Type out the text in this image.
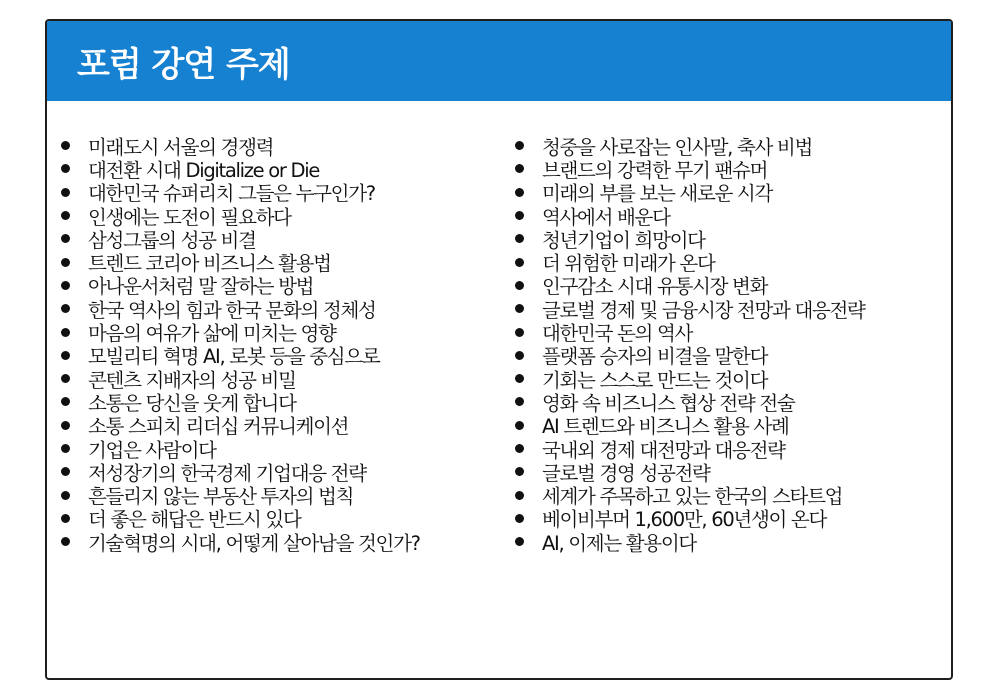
포럼 강연 주제
미래도시 서울의 경쟁력
대전환 시대 Digitalize or Die
대한민국 슈퍼리치 그들은 누구인가?
인생에는 도전이 필요하다
삼성그룹의 성공 비결
트렌드 코리아 비즈니스 활용법
아나운서처럼 말 잘하는 방법
한국 역사의 힘과 한국 문화의 정체성
마음의 여유가 삶에 미치는 영향
모빌리티 혁명 AI, 로봇 등을 중심으로
콘텐츠 지배자의 성공 비밀
소통은 당신을 웃게 합니다
소통 스피치 리더십 커뮤니케이션
기업은 사람이다
저성장기의 한국경제 기업대응 전략
흔들리지 않는 부동산 투자의 법칙
더 좋은 해답은 반드시 있다
기술혁명의 시대, 어떻게 살아남을 것인가?
청중을 사로잡는 인사말, 축사 비법
브랜드의 강력한 무기 팬슈머
미래의 부를 보는 새로운 시각
역사에서 배운다
청년기업이 희망이다
더 위험한 미래가 온다
인구감소 시대 유통시장 변화
글로벌 경제 및 금융시장 전망과 대응전략
대한민국 돈의 역사
플랫폼 승자의 비결을 말한다
기회는 스스로 만드는 것이다
영화 속 비즈니스 협상 전략 전술
AI 트렌드와 비즈니스 활용 사례
국내외 경제 대전망과 대응전략
글로벌 경영 성공전략
세계가 주목하고 있는 한국의 스타트업
베이비부머 1,600만, 60년생이 온다
AI, 이제는 활용이다
